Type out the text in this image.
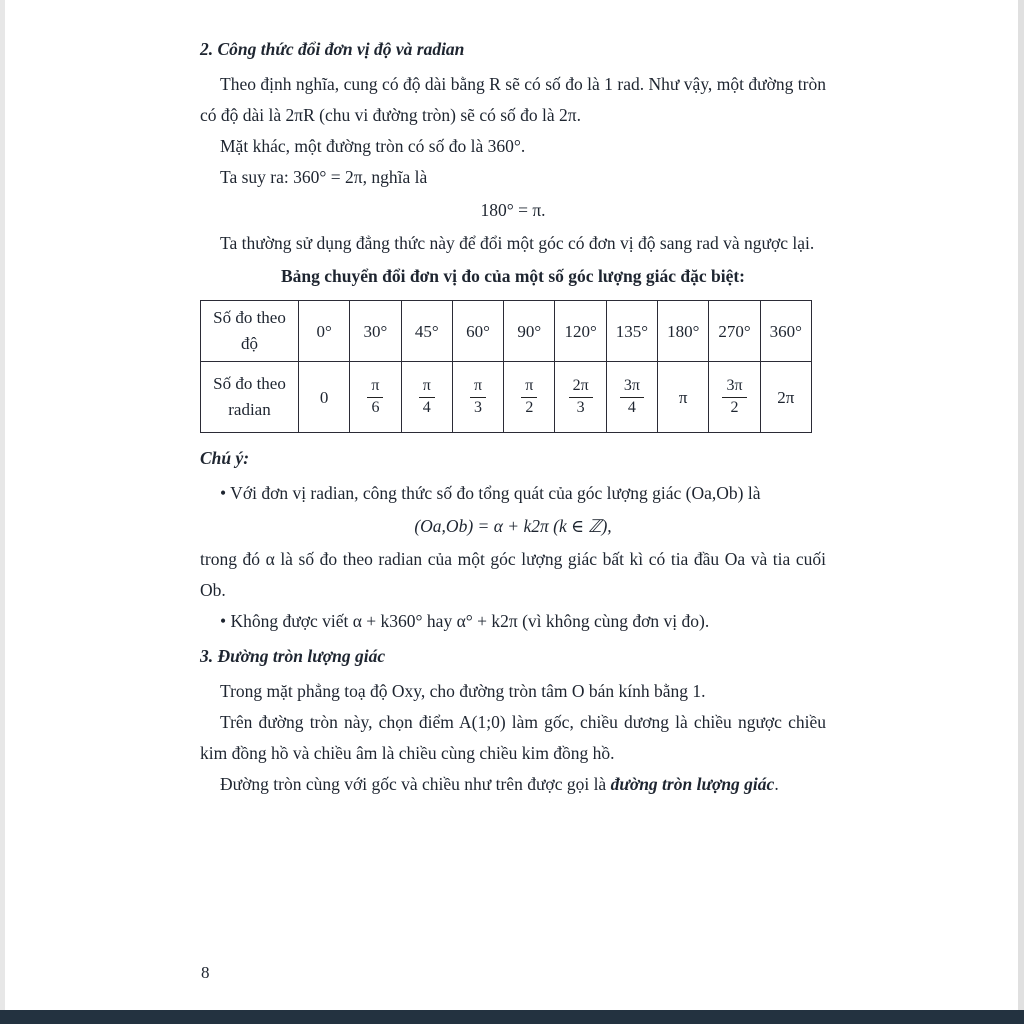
2. Công thức đổi đơn vị độ và radian

Theo định nghĩa, cung có độ dài bằng R sẽ có số đo là 1 rad. Như vậy, một đường tròn có độ dài là 2πR (chu vi đường tròn) sẽ có số đo là 2π.

Mặt khác, một đường tròn có số đo là 360°.

Ta suy ra: 360° = 2π, nghĩa là

180° = π.

Ta thường sử dụng đẳng thức này để đổi một góc có đơn vị độ sang rad và ngược lại.

Bảng chuyển đổi đơn vị đo của một số góc lượng giác đặc biệt:

Số đo theo
độ	0°	30°	45°	60°	90°	120°	135°	180°	270°	360°
Số đo theo
radian	0	$\frac{\pi}{6}$	$\frac{\pi}{4}$	$\frac{\pi}{3}$	$\frac{\pi}{2}$	$\frac{2\pi}{3}$	$\frac{3\pi}{4}$	π	$\frac{3\pi}{2}$	2π

Chú ý:

• Với đơn vị radian, công thức số đo tổng quát của góc lượng giác (Oa,Ob) là

(Oa,Ob) = α + k2π (k ∈ ℤ),

trong đó α là số đo theo radian của một góc lượng giác bất kì có tia đầu Oa và tia cuối Ob.

• Không được viết α + k360° hay α° + k2π (vì không cùng đơn vị đo).

3. Đường tròn lượng giác

Trong mặt phẳng toạ độ Oxy, cho đường tròn tâm O bán kính bằng 1.

Trên đường tròn này, chọn điểm A(1;0) làm gốc, chiều dương là chiều ngược chiều kim đồng hồ và chiều âm là chiều cùng chiều kim đồng hồ.

Đường tròn cùng với gốc và chiều như trên được gọi là đường tròn lượng giác.

8
